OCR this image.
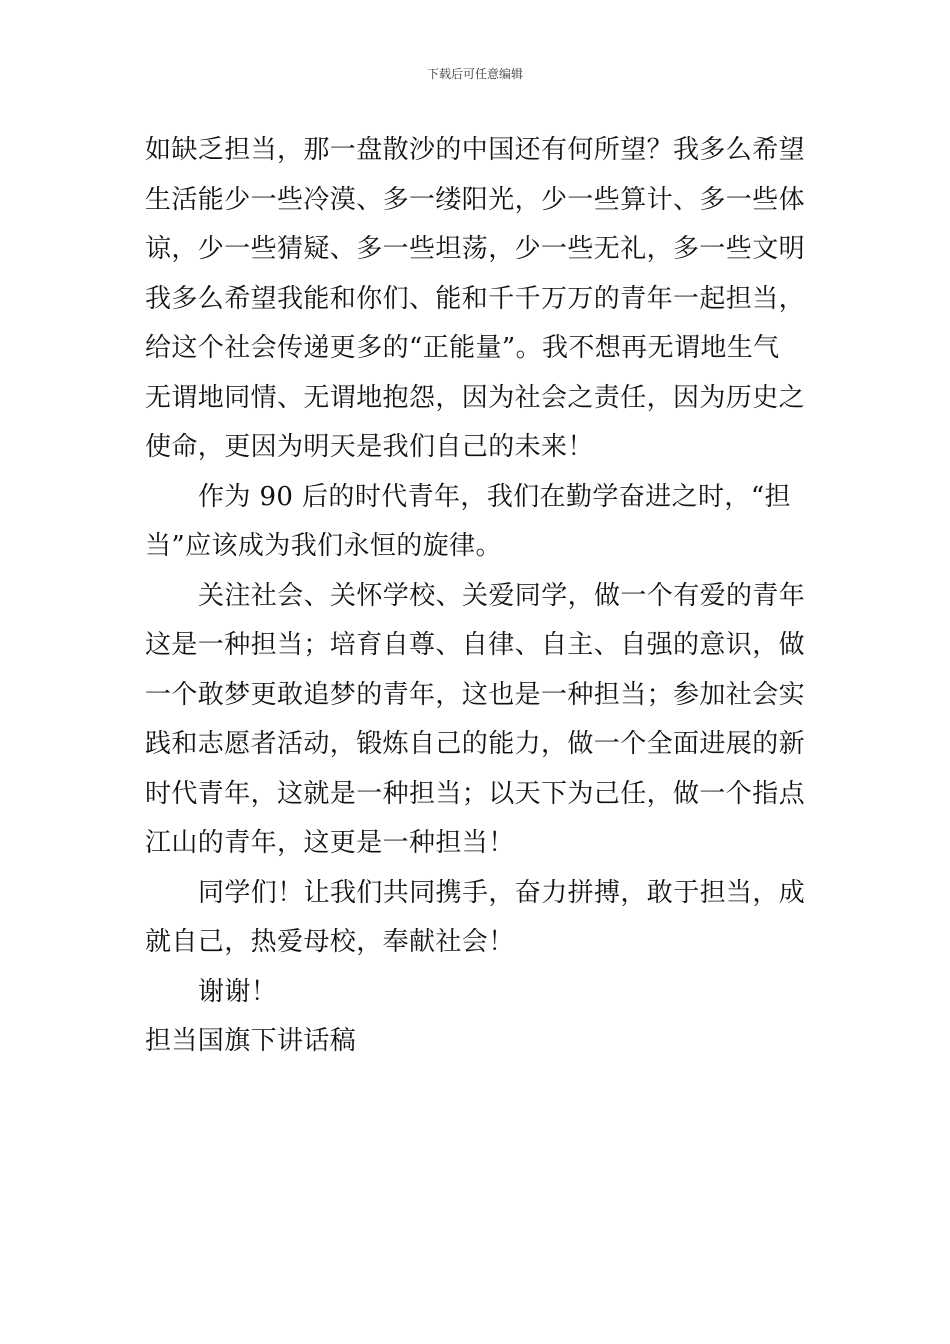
下载后可任意编辑
如缺乏担当，那一盘散沙的中国还有何所望？我多么希望
生活能少一些冷漠、多一缕阳光，少一些算计、多一些体
谅，少一些猜疑、多一些坦荡，少一些无礼，多一些文明
我多么希望我能和你们、能和千千万万的青年一起担当，
给这个社会传递更多的“正能量”。我不想再无谓地生气
无谓地同情、无谓地抱怨，因为社会之责任，因为历史之
使命，更因为明天是我们自己的未来！
作为 90 后的时代青年，我们在勤学奋进之时，“担
当”应该成为我们永恒的旋律。
关注社会、关怀学校、关爱同学，做一个有爱的青年
这是一种担当；培育自尊、自律、自主、自强的意识，做
一个敢梦更敢追梦的青年，这也是一种担当；参加社会实
践和志愿者活动，锻炼自己的能力，做一个全面进展的新
时代青年，这就是一种担当；以天下为己任，做一个指点
江山的青年，这更是一种担当！
同学们！让我们共同携手，奋力拼搏，敢于担当，成
就自己，热爱母校，奉献社会！
谢谢！
担当国旗下讲话稿
